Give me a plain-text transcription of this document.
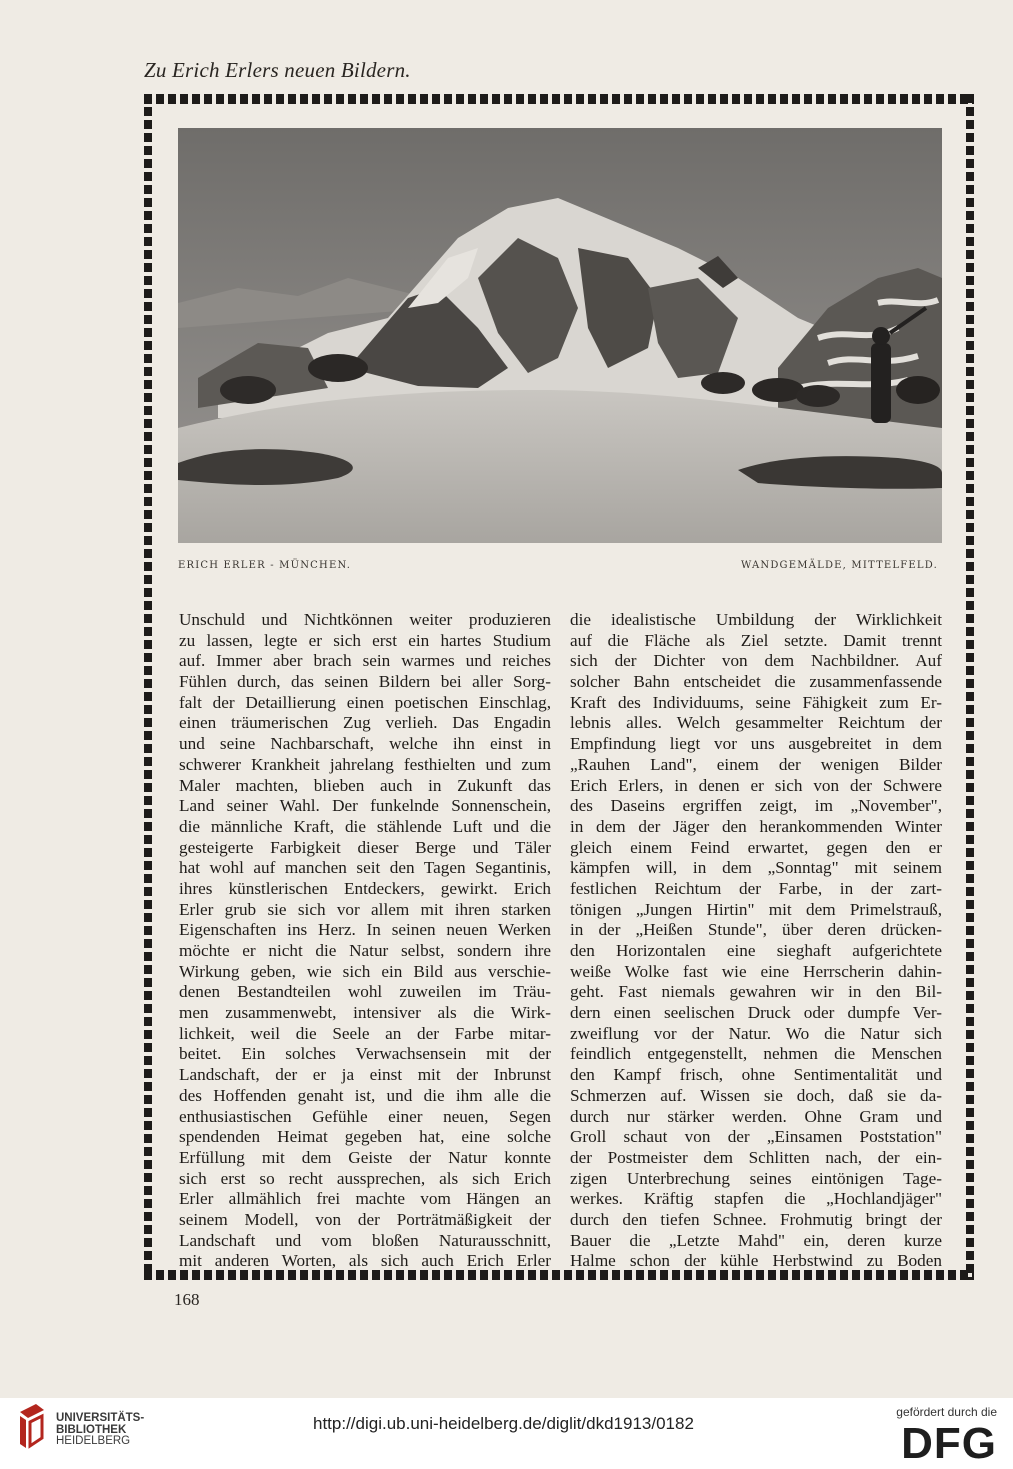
Zu Erich Erlers neuen Bildern.
ERICH ERLER - MÜNCHEN.	WANDGEMÄLDE, MITTELFELD.
Unschuld und Nichtkönnen weiter produzieren
zu lassen, legte er sich erst ein hartes Studium
auf. Immer aber brach sein warmes und reiches
Fühlen durch, das seinen Bildern bei aller Sorg-
falt der Detaillierung einen poetischen Einschlag,
einen träumerischen Zug verlieh. Das Engadin
und seine Nachbarschaft, welche ihn einst in
schwerer Krankheit jahrelang festhielten und zum
Maler machten, blieben auch in Zukunft das
Land seiner Wahl. Der funkelnde Sonnenschein,
die männliche Kraft, die stählende Luft und die
gesteigerte Farbigkeit dieser Berge und Täler
hat wohl auf manchen seit den Tagen Segantinis,
ihres künstlerischen Entdeckers, gewirkt. Erich
Erler grub sie sich vor allem mit ihren starken
Eigenschaften ins Herz. In seinen neuen Werken
möchte er nicht die Natur selbst, sondern ihre
Wirkung geben, wie sich ein Bild aus verschie-
denen Bestandteilen wohl zuweilen im Träu-
men zusammenwebt, intensiver als die Wirk-
lichkeit, weil die Seele an der Farbe mitar-
beitet. Ein solches Verwachsensein mit der
Landschaft, der er ja einst mit der Inbrunst
des Hoffenden genaht ist, und die ihm alle die
enthusiastischen Gefühle einer neuen, Segen
spendenden Heimat gegeben hat, eine solche
Erfüllung mit dem Geiste der Natur konnte
sich erst so recht aussprechen, als sich Erich
Erler allmählich frei machte vom Hängen an
seinem Modell, von der Porträtmäßigkeit der
Landschaft und vom bloßen Naturausschnitt,
mit anderen Worten, als sich auch Erich Erler
die idealistische Umbildung der Wirklichkeit
auf die Fläche als Ziel setzte. Damit trennt
sich der Dichter von dem Nachbildner. Auf
solcher Bahn entscheidet die zusammenfassende
Kraft des Individuums, seine Fähigkeit zum Er-
lebnis alles. Welch gesammelter Reichtum der
Empfindung liegt vor uns ausgebreitet in dem
„Rauhen Land", einem der wenigen Bilder
Erich Erlers, in denen er sich von der Schwere
des Daseins ergriffen zeigt, im „November",
in dem der Jäger den herankommenden Winter
gleich einem Feind erwartet, gegen den er
kämpfen will, in dem „Sonntag" mit seinem
festlichen Reichtum der Farbe, in der zart-
tönigen „Jungen Hirtin" mit dem Primelstrauß,
in der „Heißen Stunde", über deren drücken-
den Horizontalen eine sieghaft aufgerichtete
weiße Wolke fast wie eine Herrscherin dahin-
geht. Fast niemals gewahren wir in den Bil-
dern einen seelischen Druck oder dumpfe Ver-
zweiflung vor der Natur. Wo die Natur sich
feindlich entgegenstellt, nehmen die Menschen
den Kampf frisch, ohne Sentimentalität und
Schmerzen auf. Wissen sie doch, daß sie da-
durch nur stärker werden. Ohne Gram und
Groll schaut von der „Einsamen Poststation"
der Postmeister dem Schlitten nach, der ein-
zigen Unterbrechung seines eintönigen Tage-
werkes. Kräftig stapfen die „Hochlandjäger"
durch den tiefen Schnee. Frohmutig bringt der
Bauer die „Letzte Mahd" ein, deren kurze
Halme schon der kühle Herbstwind zu Boden
168
UNIVERSITÄTS-
BIBLIOTHEK
HEIDELBERG
http://digi.ub.uni-heidelberg.de/diglit/dkd1913/0182
gefördert durch die
DFG
